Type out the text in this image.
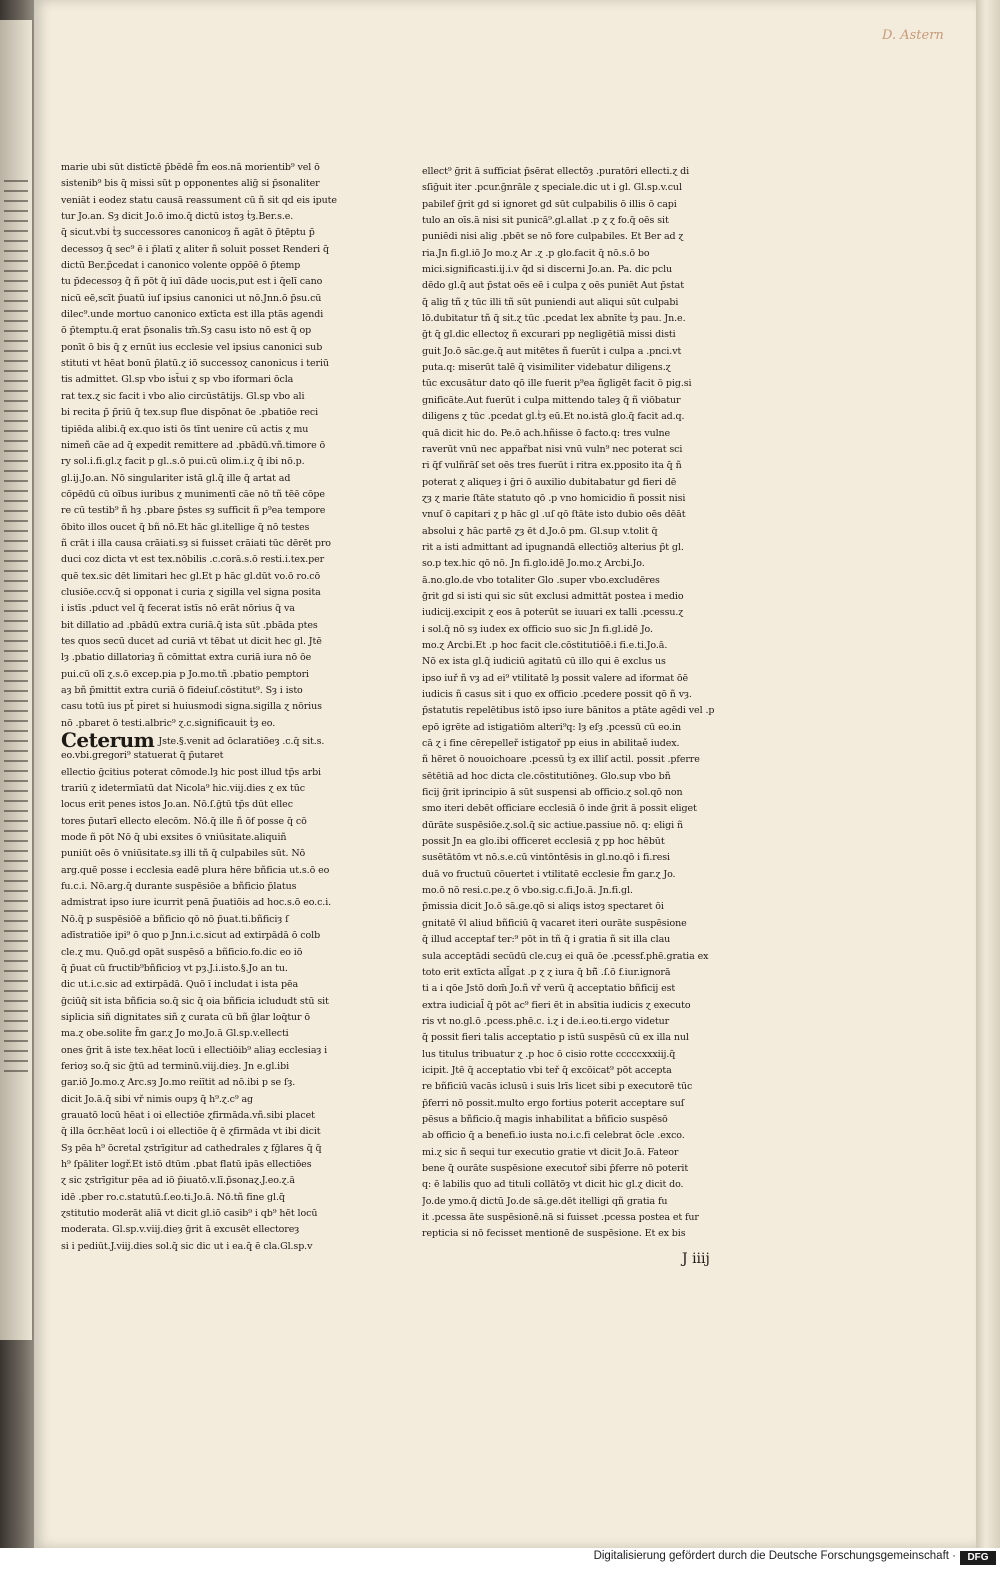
D. Astern
marie ubi sūt distīctē p̄bēdē f̄m eos.nā morientib⁹ vel ō
sistenib⁹ bis q̄ missi sūt p opponentes aliḡ si p̄sonaliter
veniāt i eodez statu causā reassument cū ñ sit qd eis ipute
tur Jo.an. Sȝ dicit Jo.ō imo.q̄ dictū istoȝ ṫȝ.Ber.s.e.
q̄ sicut.vbi ṫȝ successores canonicoȝ ñ agāt ō p̄tēptu p̄
decessoȝ q̄ sec⁹ ē i p̄latī ɀ aliter ñ soluit posset Renderi q̄
dictū Ber.p̄cedat i canonico volente oppōē ō p̄temp
tu p̄decessoȝ q̄ ñ pōt q̄ iuī dāde uocis,put est i q̄elī cano
nicū eē,scīt p̄uatū iuſ ipsius canonici ut nō.Jnn.ō p̄su.cū
dilec⁹.unde mortuo canonico extīcta est illa ptās agendi
ō p̄temptu.q̄ erat p̄sonalis tm̄.Sȝ casu isto nō est q̄ op
ponīt ō bis q̄ ɀ ernūt ius ecclesie vel ipsius canonici sub
stituti vt hēat bonū p̄latū.ɀ iō successoɀ canonicus i teriū
tis admittet. Gl.sp vbo ist̄ui ɀ sp vbo iformari ōcla
rat tex.ɀ sic facit i vbo alio circūstātijs. Gl.sp vbo ali
bi recita p̄ p̄riū q̄ tex.sup flue dispōnat ōe .pbatiōe reci
tipiēda alibi.q̄ ex.quo isti ōs tīnt uenire cū actis ɀ mu
nimeñ cāe ad q̄ expedit remittere ad .pbādū.vñ.timore ō
ry sol.i.fi.gl.ɀ facit p gl..s.ō pui.cū olim.i.ɀ q̄ ibi nō.p.
gl.ij.Jo.an. Nō singulariter istā gl.q̄ ille q̄ artat ad
cōpēdū cū oībus iuribus ɀ munimentī cāe nō tñ tēē cōpe
re cū testib⁹ ñ hȝ .pbare p̄stes sȝ sufficit ñ p⁹ea tempore
ōbito illos oucet q̄ bñ nō.Et hāc gl.itellige q̄ nō testes
ñ crāt i illa causa crāiati.sȝ si fuisset crāiati tūc dērēt pro
duci coz dicta vt est tex.nōbilis .c.corā.s.ō resti.i.tex.per
quē tex.sic dēt limitari hec gl.Et p hāc gl.dūt vo.ō ro.cō
clusiōe.ccv.q̄ si opponat i curia ɀ sigilla vel signa posita
i istīs .pduct vel q̄ fecerat istīs nō erāt nōrius q̄ va
bit dillatio ad .pbādū extra curiā.q̄ ista sūt .pbāda ptes
tes quos secū ducet ad curiā vt tēbat ut dicit hec gl. Jtē
lȝ .pbatio dillatoriaȝ ñ cōmittat extra curiā iura nō ōe
pui.cū olī ɀ.s.ō excep.pia p Jo.mo.tñ .pbatio pemptori
aȝ bñ p̄mittit extra curiā ō fideiuſ.cōstitut⁹. Sȝ i isto
casu totū ius pt̄ piret si huiusmodi signa.sigilla ɀ nōrius
nō .pbaret ō testi.albric⁹ ɀ.c.significauit ṫȝ eo.
Ceterum Jste.§.venit ad ōclaratiōeȝ .c.q̄ sit.s.
eo.vbi.gregori⁹ statuerat q̄ p̄utaret
ellectio ḡcitius poterat cōmode.lȝ hic post illud tp̄s arbi
trariū ɀ idetermīatū dat Nicola⁹ hic.viij.dies ɀ ex tūc
locus erit penes istos Jo.an. Nō.ſ.ḡtū tp̄s dūt ellec
tores p̄utarī ellecto elecōm. Nō.q̄ ille ñ ōf posse q̄ cō
mode ñ pōt Nō q̄ ubi exsites ō vniūsitate.aliquiñ
puniūt oēs ō vniūsitate.sȝ illi tñ q̄ culpabiles sūt. Nō
arg.quē posse i ecclesia eadē plura hēre bñficia ut.s.ō eo
fu.c.i. Nō.arg.q̄ durante suspēsiōe a bñficio p̄latus
admistrat ipso iure icurrit penā p̄uatiōis ad hoc.s.ō eo.c.i.
Nō.q̄ p suspēsiōē a bñficio qō nō p̄uat.ti.bñficiȝ ſ
adīstratiōe ipi⁹ ō quo p Jnn.i.c.sicut ad extirpādā ō colb
cle.ɀ mu. Quō.gd opāt suspēsō a bñficio.fo.dic eo iō
q̄ p̄uat cū fructib⁹bñficioȝ vt pȝ.J.i.isto.§.Jo an tu.
dic ut.i.c.sic ad extirpādā. Quō ī includat i ista pēa
ḡciūq̄ sit ista bñficia so.q̄ sic q̄ oia bñficia iclududt stū sit
siplicia siñ dignitates siñ ɀ curata cū bñ ḡlar loq̄tur ō
ma.ɀ obe.solite f̄m gar.ɀ Jo mo.Jo.ā Gl.sp.v.ellecti
ones ḡrit ā iste tex.hēat locū i ellectiōib⁹ aliaȝ ecclesiaȝ i
ferioȝ so.q̄ sic ḡtū ad terminū.viij.dieȝ. Jn e.gl.ibi
gar.iō Jo.mo.ɀ Arc.sȝ Jo.mo reiītit ad nō.ibi p se ſȝ.
dicit Jo.ā.q̄ sibi vř nimis oupȝ q̄ h⁹.ɀ.c⁹ ag
grauatō locū hēat i oi ellectiōe ɀfirmāda.vñ.sibi placet
q̄ illa ōcr.hēat locū i oi ellectiōe q̄ ē ɀfirmāda vt ibi dicit
Sȝ pēa h⁹ ōcretal ɀstrīgitur ad cathedrales ɀ fḡlares q̄ q̄
h⁹ ſpāliter logř.Et istō dtūm .pbat flatū ipās ellectiōes
ɀ sic ɀstrīgitur pēa ad iō p̄iuatō.v.lī.p̄sonaɀ.J.eo.ɀ.ā
idē .pber ro.c.statutū.ſ.eo.ti.Jo.ā. Nō.tñ fine gl.q̄
ɀstitutio moderāt aliā vt dicit gl.iō casib⁹ i qb⁹ hēt locū
moderata. Gl.sp.v.viij.dieȝ ḡrit ā excusēt ellectoreȝ
si i pediūt.J.viij.dies sol.q̄ sic dic ut i ea.q̄ ē cla.Gl.sp.v
ellect⁹ ḡrit ā sufficiat p̄sērat ellectōȝ .puratōri ellecti.ɀ di
sſiḡuit iter .pcur.ḡnrāle ɀ speciale.dic ut i gl. Gl.sp.v.cul
pabilef ḡrit gd si ignoret gd sūt culpabilis ō illis ō capi
tulo an oīs.ā nisi sit punicā⁹.gl.allat .p ɀ ɀ fo.q̄ oēs sit
puniēdi nisi alig .pbēt se nō fore culpabiles. Et Ber ad ɀ
ria.Jn fi.gl.iō Jo mo.ɀ Ar .ɀ .p glo.facit q̄ nō.s.ō bo
mici.significasti.ij.i.v q̄d si discerni Jo.an. Pa. dic pclu
dēdo gl.q̄ aut p̄stat oēs eē i culpa ɀ oēs puniēt Aut p̄stat
q̄ alig tñ ɀ tūc illi tñ sūt puniendi aut aliqui sūt culpabi
lō.dubitatur tñ q̄ sit.ɀ tūc .pcedat lex abnīte ṫȝ pau. Jn.e.
ḡt q̄ gl.dic ellectoɀ ñ excurari pp negligētiā missi disti
guit Jo.ō sāc.ge.q̄ aut mitētes ñ fuerūt i culpa a .pnci.vt
puta.q: miserūt talē q̄ visimiliter videbatur diligens.ɀ
tūc excusātur dato qō ille fuerit p⁹ea ñgligēt facit ō pig.si
gnificāte.Aut fuerūt i culpa mittendo taleȝ q̄ ñ viōbatur
diligens ɀ tūc .pcedat gl.ṫȝ eū.Et no.istā glo.q̄ facit ad.q.
quā dicit hic do. Pe.ō ach.hñisse ō facto.q: tres vulne
raverūt vnū nec appařbat nisi vnū vuln⁹ nec poterat sci
ri q̄f vulñrāſ set oēs tres fuerūt i ritra ex.pposito ita q̄ ñ
poterat ɀ aliqueȝ i ḡri ō auxilio dubitabatur gd fieri dē
ɀȝ ɀ marie ſtāte statuto qō .p vno homicidio ñ possit nisi
vnuſ ō capitari ɀ p hāc gl .uſ qō ſtāte isto dubio oēs dēāt
absolui ɀ hāc partē ɀȝ ēt d.Jo.ō pm. Gl.sup v.tolit q̄
rit a isti admittant ad ipugnandā ellectiōȝ alterius p̄t gl.
so.p tex.hic qō nō. Jn fi.glo.idē Jo.mo.ɀ Arcbi.Jo.
ā.no.glo.de vbo totaliter Glo .super vbo.excludēres
ḡrit gd si isti qui sic sūt exclusi admittāt postea i medio
iudicij.excipit ɀ eos ā poterūt se iuuari ex talli .pcessu.ɀ
i sol.q̄ nō sȝ iudex ex officio suo sic Jn fi.gl.idē Jo.
mo.ɀ Arcbi.Et .p hoc facit cle.cōstitutiōē.i fi.e.ti.Jo.ā.
Nō ex ista gl.q̄ iudiciū agitatū cū illo qui ē exclus us
ipso iuř ñ vȝ ad ei⁹ vtilitatē lȝ possit valere ad iformat ōē
iudicis ñ casus sit i quo ex officio .pcedere possit qō ñ vȝ.
p̄statutis repelētibus istō ipso iure bānitos a ptāte agēdi vel .p
epō igrēte ad istigatiōm alteri⁹q: lȝ eſȝ .pcessū cū eo.in
cā ɀ i fine cērepelleř istigatoř pp eius in abilitaě iudex.
ñ hēret ō nouoichoare .pcessū ṫȝ ex illiſ actil. possit .pferre
sētētiā ad hoc dicta cle.cōstitutiōneȝ. Glo.sup vbo bñ
ficij ḡrit iprincipio ā sūt suspensi ab officio.ɀ sol.qō non
smo iteri debēt officiare ecclesiā ō inde ḡrit ā possit eliget
dūrāte suspēsiōe.ɀ.sol.q̄ sic actiue.passiue nō. q: eligi ñ
possit Jn ea glo.ibi officeret ecclesiā ɀ pp hoc hēbūt
susētātōm vt nō.s.e.cū vintōntēsis in gl.no.qō i fi.resi
duā vo fructuū cōuertet i vtilitatē ecclesie f̄m gar.ɀ Jo.
mo.ō nō resi.c.pe.ɀ ō vbo.sig.c.fi.Jo.ā. Jn.fi.gl.
p̄missia dicit Jo.ō sā.ge.qō si aliqs istoȝ spectaret ōi
gnitatē v̄l aliud bñficiū q̄ vacaret iteri ourāte suspēsione
q̄ illud acceptaf ter:⁹ pōt in tñ q̄ i gratia ñ sit illa clau
sula acceptādi secūdū cle.cuȝ ei quā ōe .pcessf.phē.gratia ex
toto erit extīcta all̄gat .p ɀ ɀ iura q̄ bñ̄ .ſ.ō f.iur.ignorā
ti a i qōe Jstō dom̄ Jo.ñ vř verū q̄ acceptatio bñficij est
extra iudicial̄ q̄ pōt ac⁹ fieri ēt in absītia iudicis ɀ executo
ris vt no.gl.ō .pcess.phē.c. i.ɀ i de.i.eo.ti.ergo videtur
q̄ possit fieri talis acceptatio p istū suspēsū cū ex illa nul
lus titulus tribuatur ɀ .p hoc ō cisio rotte cccccxxxiij.q̄
icipit. Jtē q̄ acceptatio vbi teř q̄ excōicat⁹ pōt accepta
re bñficiū vacās iclusū i suis lrīs licet sibi p executorē tūc
p̄ferri nō possit.multo ergo fortius poterit acceptare suſ
pēsus a bñficio.q̄ magis inhabilitat a bñficio suspēsō
ab officio q̄ a benefi.io iusta no.i.c.fi celebrat ōcle .exco.
mi.ɀ sic ñ sequi tur executio gratie vt dicit Jo.ā. Fateor
bene q̄ ourāte suspēsione executoř sibi p̄ferre nō poterit
q: ē labilis quo ad tituli collātōȝ vt dicit hic gl.ɀ dicit do.
Jo.de ymo.q̄ dictū Jo.de sā.ge.dēt itelligi qñ gratia fu
it .pcessa āte suspēsionē.nā si fuisset .pcessa postea et fur
repticia si nō fecisset mentionē de suspēsione. Et ex bis
J iiij
Digitalisierung gefördert durch die Deutsche Forschungsgemeinschaft ·	DFG
